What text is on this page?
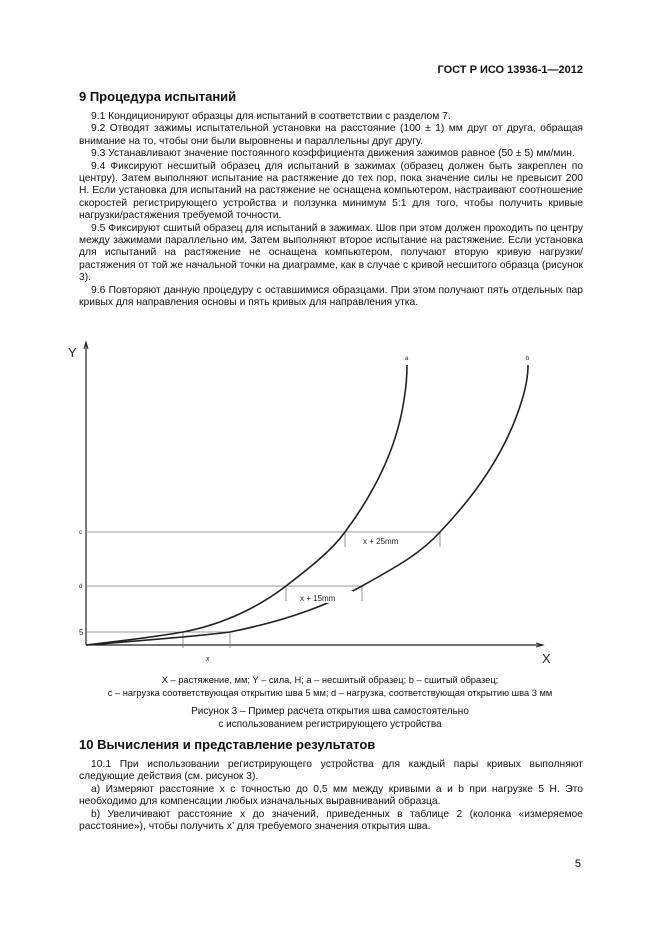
ГОСТ Р ИСО 13936-1—2012
9 Процедура испытаний

9.1 Кондиционируют образцы для испытаний в соответствии с разделом 7.

9.2 Отводят зажимы испытательной установки на расстояние (100 ± 1) мм друг от друга, обращая внимание на то, чтобы они были выровнены и параллельны друг другу.

9.3 Устанавливают значение постоянного коэффициента движения зажимов равное (50 ± 5) мм/мин.

9.4 Фиксируют несшитый образец для испытаний в зажимах (образец должен быть закреплен по центру). Затем выполняют испытание на растяжение до тех пор, пока значение силы не превысит 200 Н. Если установка для испытаний на растяжение не оснащена компьютером, настраивают соотношение скоростей регистрирующего устройства и ползунка минимум 5:1 для того, чтобы получить кривые нагрузки/растяжения требуемой точности.

9.5 Фиксируют сшитый образец для испытаний в зажимах. Шов при этом должен проходить по центру между зажимами параллельно им. Затем выполняют второе испытание на растяжение. Если установка для испытаний на растяжение не оснащена компьютером, получают вторую кривую нагрузки/растяжения от той же начальной точки на диаграмме, как в случае с кривой несшитого образца (рисунок 3).

9.6 Повторяют данную процедуру с оставшимися образцами. При этом получают пять отдельных пар кривых для направления основы и пять кривых для направления утка.

Y
X
a	b
c
d
5
x
x + 25mm
x + 15mm
X – растяжение, мм; Y – сила, Н; a – несшитый образец; b – сшитый образец;
c – нагрузка соответствующая открытию шва 5 мм; d – нагрузка, соответствующая открытию шва 3 мм
Рисунок 3 – Пример расчета открытия шва самостоятельно
с использованием регистрирующего устройства
10 Вычисления и представление результатов

10.1 При использовании регистрирующего устройства для каждый пары кривых выполняют следующие действия (см. рисунок 3).

a) Измеряют расстояние x с точностью до 0,5 мм между кривыми a и b при нагрузке 5 Н. Это необходимо для компенсации любых изначальных выравниваний образца.

b) Увеличивают расстояние x до значений, приведенных в таблице 2 (колонка «измеряемое расстояние»), чтобы получить x’ для требуемого значения открытия шва.

5
